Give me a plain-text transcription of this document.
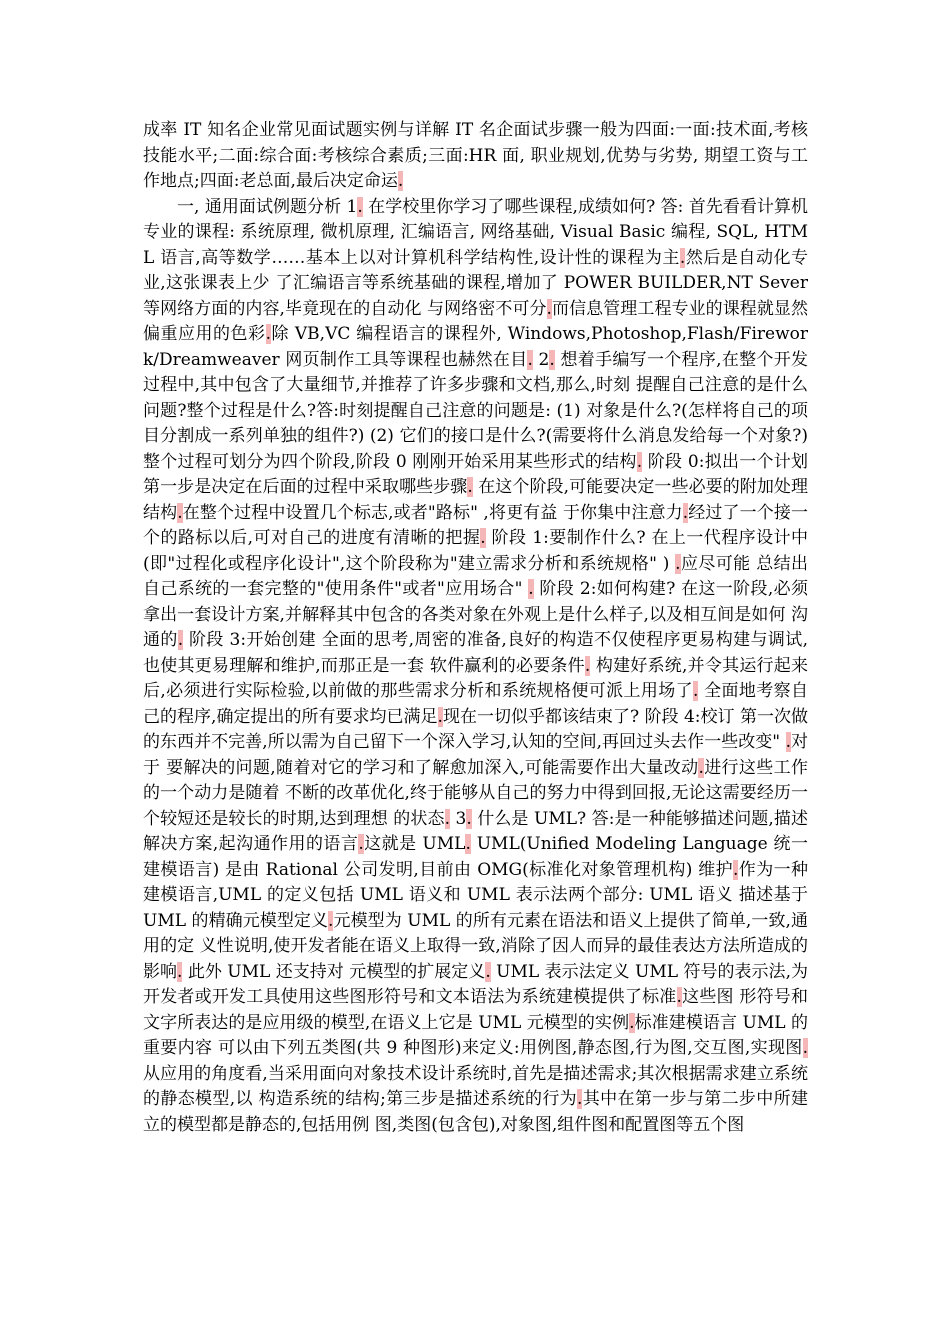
成率 IT 知名企业常见面试题实例与详解 IT 名企面试步骤一般为四面:一面:技术面,考核技能水平;二面:综合面:考核综合素质;三面:HR 面, 职业规划,优势与劣势, 期望工资与工作地点;四面:老总面,最后决定命运.

一, 通用面试例题分析 1. 在学校里你学习了哪些课程,成绩如何? 答: 首先看看计算机专业的课程: 系统原理, 微机原理, 汇编语言, 网络基础, Visual Basic 编程, SQL, HTML 语言,高等数学……基本上以对计算机科学结构性,设计性的课程为主.然后是自动化专业,这张课表上少 了汇编语言等系统基础的课程,增加了 POWER BUILDER,NT Sever 等网络方面的内容,毕竟现在的自动化 与网络密不可分.而信息管理工程专业的课程就显然偏重应用的色彩.除 VB,VC 编程语言的课程外, Windows,Photoshop,Flash/Firework/Dreamweaver 网页制作工具等课程也赫然在目. 2. 想着手编写一个程序,在整个开发过程中,其中包含了大量细节,并推荐了许多步骤和文档,那么,时刻 提醒自己注意的是什么问题?整个过程是什么?答:时刻提醒自己注意的问题是: (1) 对象是什么?(怎样将自己的项目分割成一系列单独的组件?) (2) 它们的接口是什么?(需要将什么消息发给每一个对象?) 整个过程可划分为四个阶段,阶段 0 刚刚开始采用某些形式的结构. 阶段 0:拟出一个计划 第一步是决定在后面的过程中采取哪些步骤. 在这个阶段,可能要决定一些必要的附加处理结构.在整个过程中设置几个标志,或者"路标" ,将更有益 于你集中注意力.经过了一个接一个的路标以后,可对自己的进度有清晰的把握. 阶段 1:要制作什么? 在上一代程序设计中(即"过程化或程序化设计",这个阶段称为"建立需求分析和系统规格" ) .应尽可能 总结出自己系统的一套完整的"使用条件"或者"应用场合" . 阶段 2:如何构建? 在这一阶段,必须拿出一套设计方案,并解释其中包含的各类对象在外观上是什么样子,以及相互间是如何 沟通的. 阶段 3:开始创建 全面的思考,周密的准备,良好的构造不仅使程序更易构建与调试,也使其更易理解和维护,而那正是一套 软件赢利的必要条件. 构建好系统,并令其运行起来后,必须进行实际检验,以前做的那些需求分析和系统规格便可派上用场了. 全面地考察自己的程序,确定提出的所有要求均已满足.现在一切似乎都该结束了? 阶段 4:校订 第一次做的东西并不完善,所以需为自己留下一个深入学习,认知的空间,再回过头去作一些改变" .对于 要解决的问题,随着对它的学习和了解愈加深入,可能需要作出大量改动.进行这些工作的一个动力是随着 不断的改革优化,终于能够从自己的努力中得到回报,无论这需要经历一个较短还是较长的时期,达到理想 的状态. 3. 什么是 UML? 答:是一种能够描述问题,描述解决方案,起沟通作用的语言.这就是 UML. UML(Unified Modeling Language 统一建模语言) 是由 Rational 公司发明,目前由 OMG(标准化对象管理机构) 维护.作为一种建模语言,UML 的定义包括 UML 语义和 UML 表示法两个部分: UML 语义 描述基于 UML 的精确元模型定义.元模型为 UML 的所有元素在语法和语义上提供了简单,一致,通用的定 义性说明,使开发者能在语义上取得一致,消除了因人而异的最佳表达方法所造成的影响. 此外 UML 还支持对 元模型的扩展定义. UML 表示法定义 UML 符号的表示法,为开发者或开发工具使用这些图形符号和文本语法为系统建模提供了标准.这些图 形符号和文字所表达的是应用级的模型,在语义上它是 UML 元模型的实例.标准建模语言 UML 的重要内容 可以由下列五类图(共 9 种图形)来定义:用例图,静态图,行为图,交互图,实现图. 从应用的角度看,当采用面向对象技术设计系统时,首先是描述需求;其次根据需求建立系统的静态模型,以 构造系统的结构;第三步是描述系统的行为.其中在第一步与第二步中所建立的模型都是静态的,包括用例 图,类图(包含包),对象图,组件图和配置图等五个图
